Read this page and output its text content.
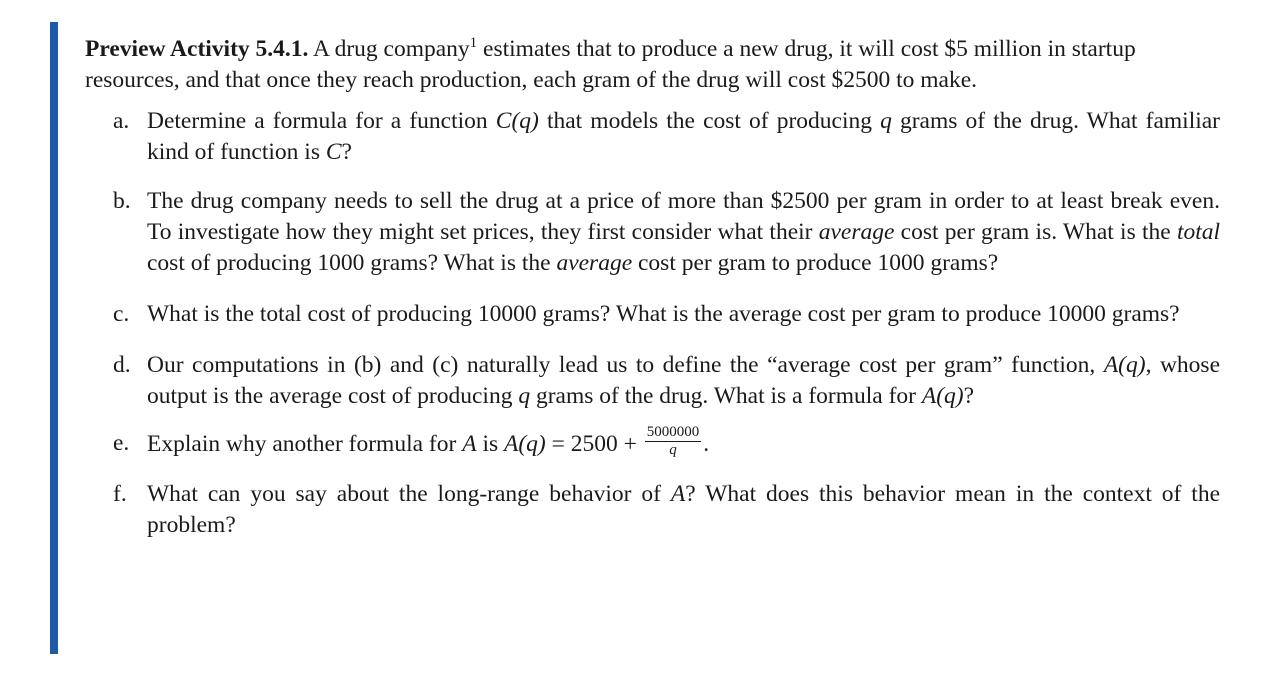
Preview Activity 5.4.1. A drug company$^1$ estimates that to produce a new drug, it will cost $5 million in startup resources, and that once they reach production, each gram of the drug will cost $2500 to make.

a. Determine a formula for a function C(q) that models the cost of producing q grams of the drug. What familiar kind of function is C?
b. The drug company needs to sell the drug at a price of more than $2500 per gram in order to at least break even. To investigate how they might set prices, they first consider what their average cost per gram is. What is the total cost of producing 1000 grams? What is the average cost per gram to produce 1000 grams?
c. What is the total cost of producing 10000 grams? What is the average cost per gram to produce 10000 grams?
d. Our computations in (b) and (c) naturally lead us to define the “average cost per gram” function, A(q), whose output is the average cost of producing q grams of the drug. What is a formula for A(q)?
e. Explain why another formula for A is $A(q) = 2500 + \frac{5000000}{q}$ .
f. What can you say about the long-range behavior of A? What does this behavior mean in the context of the problem?
